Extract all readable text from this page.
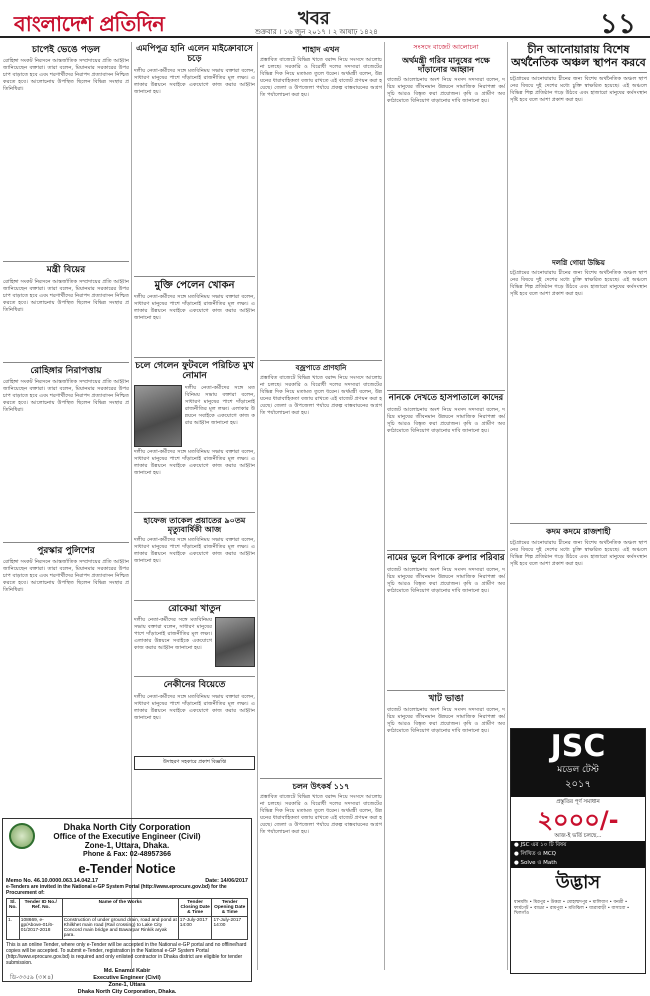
বাংলাদেশ প্রতিদিন	খবর
শুক্রবার । ১৬ জুন ২০১৭ । ২ আষাঢ় ১৪২৪	১১
চাপেই ভেঙে পড়ল
রোহিঙ্গা সংকট নিরসনে আন্তর্জাতিক সম্প্রদায়ের প্রতি আহ্বান জানিয়েছেন বক্তারা। তারা বলেন, মিয়ানমার সরকারের উপর চাপ বাড়াতে হবে এবং শরণার্থীদের নিরাপদ প্রত্যাবাসন নিশ্চিত করতে হবে। আলোচনায় উপস্থিত ছিলেন বিভিন্ন সংস্থার প্রতিনিধিরা।
মন্ত্রী বিয়ের
রোহিঙ্গা সংকট নিরসনে আন্তর্জাতিক সম্প্রদায়ের প্রতি আহ্বান জানিয়েছেন বক্তারা। তারা বলেন, মিয়ানমার সরকারের উপর চাপ বাড়াতে হবে এবং শরণার্থীদের নিরাপদ প্রত্যাবাসন নিশ্চিত করতে হবে। আলোচনায় উপস্থিত ছিলেন বিভিন্ন সংস্থার প্রতিনিধিরা।
রোহিঙ্গার নিরাপত্তায়
রোহিঙ্গা সংকট নিরসনে আন্তর্জাতিক সম্প্রদায়ের প্রতি আহ্বান জানিয়েছেন বক্তারা। তারা বলেন, মিয়ানমার সরকারের উপর চাপ বাড়াতে হবে এবং শরণার্থীদের নিরাপদ প্রত্যাবাসন নিশ্চিত করতে হবে। আলোচনায় উপস্থিত ছিলেন বিভিন্ন সংস্থার প্রতিনিধিরা।
পুরস্কার পুলিশের
রোহিঙ্গা সংকট নিরসনে আন্তর্জাতিক সম্প্রদায়ের প্রতি আহ্বান জানিয়েছেন বক্তারা। তারা বলেন, মিয়ানমার সরকারের উপর চাপ বাড়াতে হবে এবং শরণার্থীদের নিরাপদ প্রত্যাবাসন নিশ্চিত করতে হবে। আলোচনায় উপস্থিত ছিলেন বিভিন্ন সংস্থার প্রতিনিধিরা।
এমপিপুত্র হানি এলেন মাইক্রোবাসে চড়ে
দলীয় নেতা-কর্মীদের সঙ্গে মতবিনিময় সভায় বক্তারা বলেন, সাধারণ মানুষের পাশে দাঁড়ানোই রাজনীতির মূল লক্ষ্য। এলাকার উন্নয়নে সবাইকে একযোগে কাজ করার আহ্বান জানানো হয়।
মুক্তি পেলেন খোকন
দলীয় নেতা-কর্মীদের সঙ্গে মতবিনিময় সভায় বক্তারা বলেন, সাধারণ মানুষের পাশে দাঁড়ানোই রাজনীতির মূল লক্ষ্য। এলাকার উন্নয়নে সবাইকে একযোগে কাজ করার আহ্বান জানানো হয়।
চলে গেলেন ফুটবলে পরিচিত মুখ নোমান
দলীয় নেতা-কর্মীদের সঙ্গে মতবিনিময় সভায় বক্তারা বলেন, সাধারণ মানুষের পাশে দাঁড়ানোই রাজনীতির মূল লক্ষ্য। এলাকার উন্নয়নে সবাইকে একযোগে কাজ করার আহ্বান জানানো হয়।
দলীয় নেতা-কর্মীদের সঙ্গে মতবিনিময় সভায় বক্তারা বলেন, সাধারণ মানুষের পাশে দাঁড়ানোই রাজনীতির মূল লক্ষ্য। এলাকার উন্নয়নে সবাইকে একযোগে কাজ করার আহ্বান জানানো হয়।
হাফেজ তাকেল প্রয়াতের ৯০তম মৃত্যুবার্ষিকী আজ
দলীয় নেতা-কর্মীদের সঙ্গে মতবিনিময় সভায় বক্তারা বলেন, সাধারণ মানুষের পাশে দাঁড়ানোই রাজনীতির মূল লক্ষ্য। এলাকার উন্নয়নে সবাইকে একযোগে কাজ করার আহ্বান জানানো হয়।
রোকেয়া খাতুন
দলীয় নেতা-কর্মীদের সঙ্গে মতবিনিময় সভায় বক্তারা বলেন, সাধারণ মানুষের পাশে দাঁড়ানোই রাজনীতির মূল লক্ষ্য। এলাকার উন্নয়নে সবাইকে একযোগে কাজ করার আহ্বান জানানো হয়।
নেকীনের বিয়েতে
দলীয় নেতা-কর্মীদের সঙ্গে মতবিনিময় সভায় বক্তারা বলেন, সাধারণ মানুষের পাশে দাঁড়ানোই রাজনীতির মূল লক্ষ্য। এলাকার উন্নয়নে সবাইকে একযোগে কাজ করার আহ্বান জানানো হয়।
উদাহরণ সহকারে প্রকাশ বিজ্ঞপ্তি
শাহাদ এখন
প্রস্তাবিত বাজেটে বিভিন্ন খাতে বরাদ্দ নিয়ে সংসদে আলোচনা চলছে। সরকারি ও বিরোধী দলের সদস্যরা বাজেটের বিভিন্ন দিক নিয়ে মতামত তুলে ধরেন। অর্থমন্ত্রী বলেন, উন্নয়নের ধারাবাহিকতা বজায় রাখতে এই বাজেট প্রণয়ন করা হয়েছে। জেলা ও উপজেলা পর্যায়ে প্রকল্প বাস্তবায়নের অগ্রগতি পর্যালোচনা করা হয়।
বজ্রপাতে প্রাণহানি
প্রস্তাবিত বাজেটে বিভিন্ন খাতে বরাদ্দ নিয়ে সংসদে আলোচনা চলছে। সরকারি ও বিরোধী দলের সদস্যরা বাজেটের বিভিন্ন দিক নিয়ে মতামত তুলে ধরেন। অর্থমন্ত্রী বলেন, উন্নয়নের ধারাবাহিকতা বজায় রাখতে এই বাজেট প্রণয়ন করা হয়েছে। জেলা ও উপজেলা পর্যায়ে প্রকল্প বাস্তবায়নের অগ্রগতি পর্যালোচনা করা হয়।
চলন উৎকর্ষ ১১৭
প্রস্তাবিত বাজেটে বিভিন্ন খাতে বরাদ্দ নিয়ে সংসদে আলোচনা চলছে। সরকারি ও বিরোধী দলের সদস্যরা বাজেটের বিভিন্ন দিক নিয়ে মতামত তুলে ধরেন। অর্থমন্ত্রী বলেন, উন্নয়নের ধারাবাহিকতা বজায় রাখতে এই বাজেট প্রণয়ন করা হয়েছে। জেলা ও উপজেলা পর্যায়ে প্রকল্প বাস্তবায়নের অগ্রগতি পর্যালোচনা করা হয়।
সংসদে বাজেট আলোচনা
অর্থমন্ত্রী গরিব মানুষের পক্ষে দাঁড়ানোর আহ্বান
বাজেট আলোচনায় অংশ নিয়ে সংসদ সদস্যরা বলেন, দরিদ্র মানুষের জীবনমান উন্নয়নে সামাজিক নিরাপত্তা কর্মসূচি আরও বিস্তৃত করা প্রয়োজন। কৃষি ও গ্রামীণ অবকাঠামোতে বিনিয়োগ বাড়ানোর দাবি জানানো হয়।
নানকে দেখতে হাসপাতালে কাদের
বাজেট আলোচনায় অংশ নিয়ে সংসদ সদস্যরা বলেন, দরিদ্র মানুষের জীবনমান উন্নয়নে সামাজিক নিরাপত্তা কর্মসূচি আরও বিস্তৃত করা প্রয়োজন। কৃষি ও গ্রামীণ অবকাঠামোতে বিনিয়োগ বাড়ানোর দাবি জানানো হয়।
নামের ভুলে বিপাকে রুপার পরিবার
বাজেট আলোচনায় অংশ নিয়ে সংসদ সদস্যরা বলেন, দরিদ্র মানুষের জীবনমান উন্নয়নে সামাজিক নিরাপত্তা কর্মসূচি আরও বিস্তৃত করা প্রয়োজন। কৃষি ও গ্রামীণ অবকাঠামোতে বিনিয়োগ বাড়ানোর দাবি জানানো হয়।
খাট ভাঙা
বাজেট আলোচনায় অংশ নিয়ে সংসদ সদস্যরা বলেন, দরিদ্র মানুষের জীবনমান উন্নয়নে সামাজিক নিরাপত্তা কর্মসূচি আরও বিস্তৃত করা প্রয়োজন। কৃষি ও গ্রামীণ অবকাঠামোতে বিনিয়োগ বাড়ানোর দাবি জানানো হয়।
চীন আনোয়ারায় বিশেষ অর্থনৈতিক অঞ্চল স্থাপন করবে
চট্টগ্রামের আনোয়ারায় চীনের জন্য বিশেষ অর্থনৈতিক অঞ্চল স্থাপনের বিষয়ে দুই দেশের মধ্যে চুক্তি স্বাক্ষরিত হয়েছে। এই অঞ্চলে বিভিন্ন শিল্প প্রতিষ্ঠান গড়ে উঠবে এবং হাজারো মানুষের কর্মসংস্থান সৃষ্টি হবে বলে আশা প্রকাশ করা হয়।
দলগ্নি গোয়া উচ্চিয়
চট্টগ্রামের আনোয়ারায় চীনের জন্য বিশেষ অর্থনৈতিক অঞ্চল স্থাপনের বিষয়ে দুই দেশের মধ্যে চুক্তি স্বাক্ষরিত হয়েছে। এই অঞ্চলে বিভিন্ন শিল্প প্রতিষ্ঠান গড়ে উঠবে এবং হাজারো মানুষের কর্মসংস্থান সৃষ্টি হবে বলে আশা প্রকাশ করা হয়।
কদম কদমে রাজশাহী
চট্টগ্রামের আনোয়ারায় চীনের জন্য বিশেষ অর্থনৈতিক অঞ্চল স্থাপনের বিষয়ে দুই দেশের মধ্যে চুক্তি স্বাক্ষরিত হয়েছে। এই অঞ্চলে বিভিন্ন শিল্প প্রতিষ্ঠান গড়ে উঠবে এবং হাজারো মানুষের কর্মসংস্থান সৃষ্টি হবে বলে আশা প্রকাশ করা হয়।
Dhaka North City Corporation
Office of the Executive Engineer (Civil)
Zone-1, Uttara, Dhaka.
Phone & Fax: 02-48957366
e-Tender Notice
Memo No. 46.10.0000.063.14.042.17	Date: 14/06/2017
e-Tenders are invited in the National e-GP System Portal (http://www.eprocure.gov.bd) for the Procurement of:
Sl. No.	Tender ID No./ Ref. No.	Name of the Works	Tender Closing Date & Time	Tender Opening Date & Time
1.	108669, e-gp/Above-01/6-01/2017-2018	Construction of under ground drain, road and pond at Khilkhet main road (Rail crossing) to Lake City Concord main bridge and Bawarpar Rinkik aryak para.	17-July-2017 14:00	17-July-2017 14:00
This is an online Tender, where only e-Tender will be accepted in the National e-GP portal and no offline/hard copies will be accepted. To submit e-Tender, registration in the National e-GP System Portal (http://www.eprocure.gov.bd) is required and only enlisted contractor in Dhaka district are eligible for tender submission.
Md. Enamul Kabir
Executive Engineer (Civil)
Zone-1, Uttara
Dhaka North City Corporation, Dhaka.
JSC
মডেল টেস্ট
২০১৭
প্রস্তুতির পূর্ণ সমাধান
২০০০/-
আজ-ই ভর্তি চলছে...
● JSC এর ১০ টি বিষয়
● লিখিত ও MCQ
● Solve ও Math
উদ্ভাস
ধানমন্ডি • মিরপুর • উত্তরা • মোহাম্মদপুর • মালিবাগ • বনশ্রী • ফার্মগেট • বাড্ডা • রামপুরা • মতিঝিল • যাত্রাবাড়ী • বাসাবো • খিলগাঁও
ডি-৩৩৫৯ (৩×৪)
